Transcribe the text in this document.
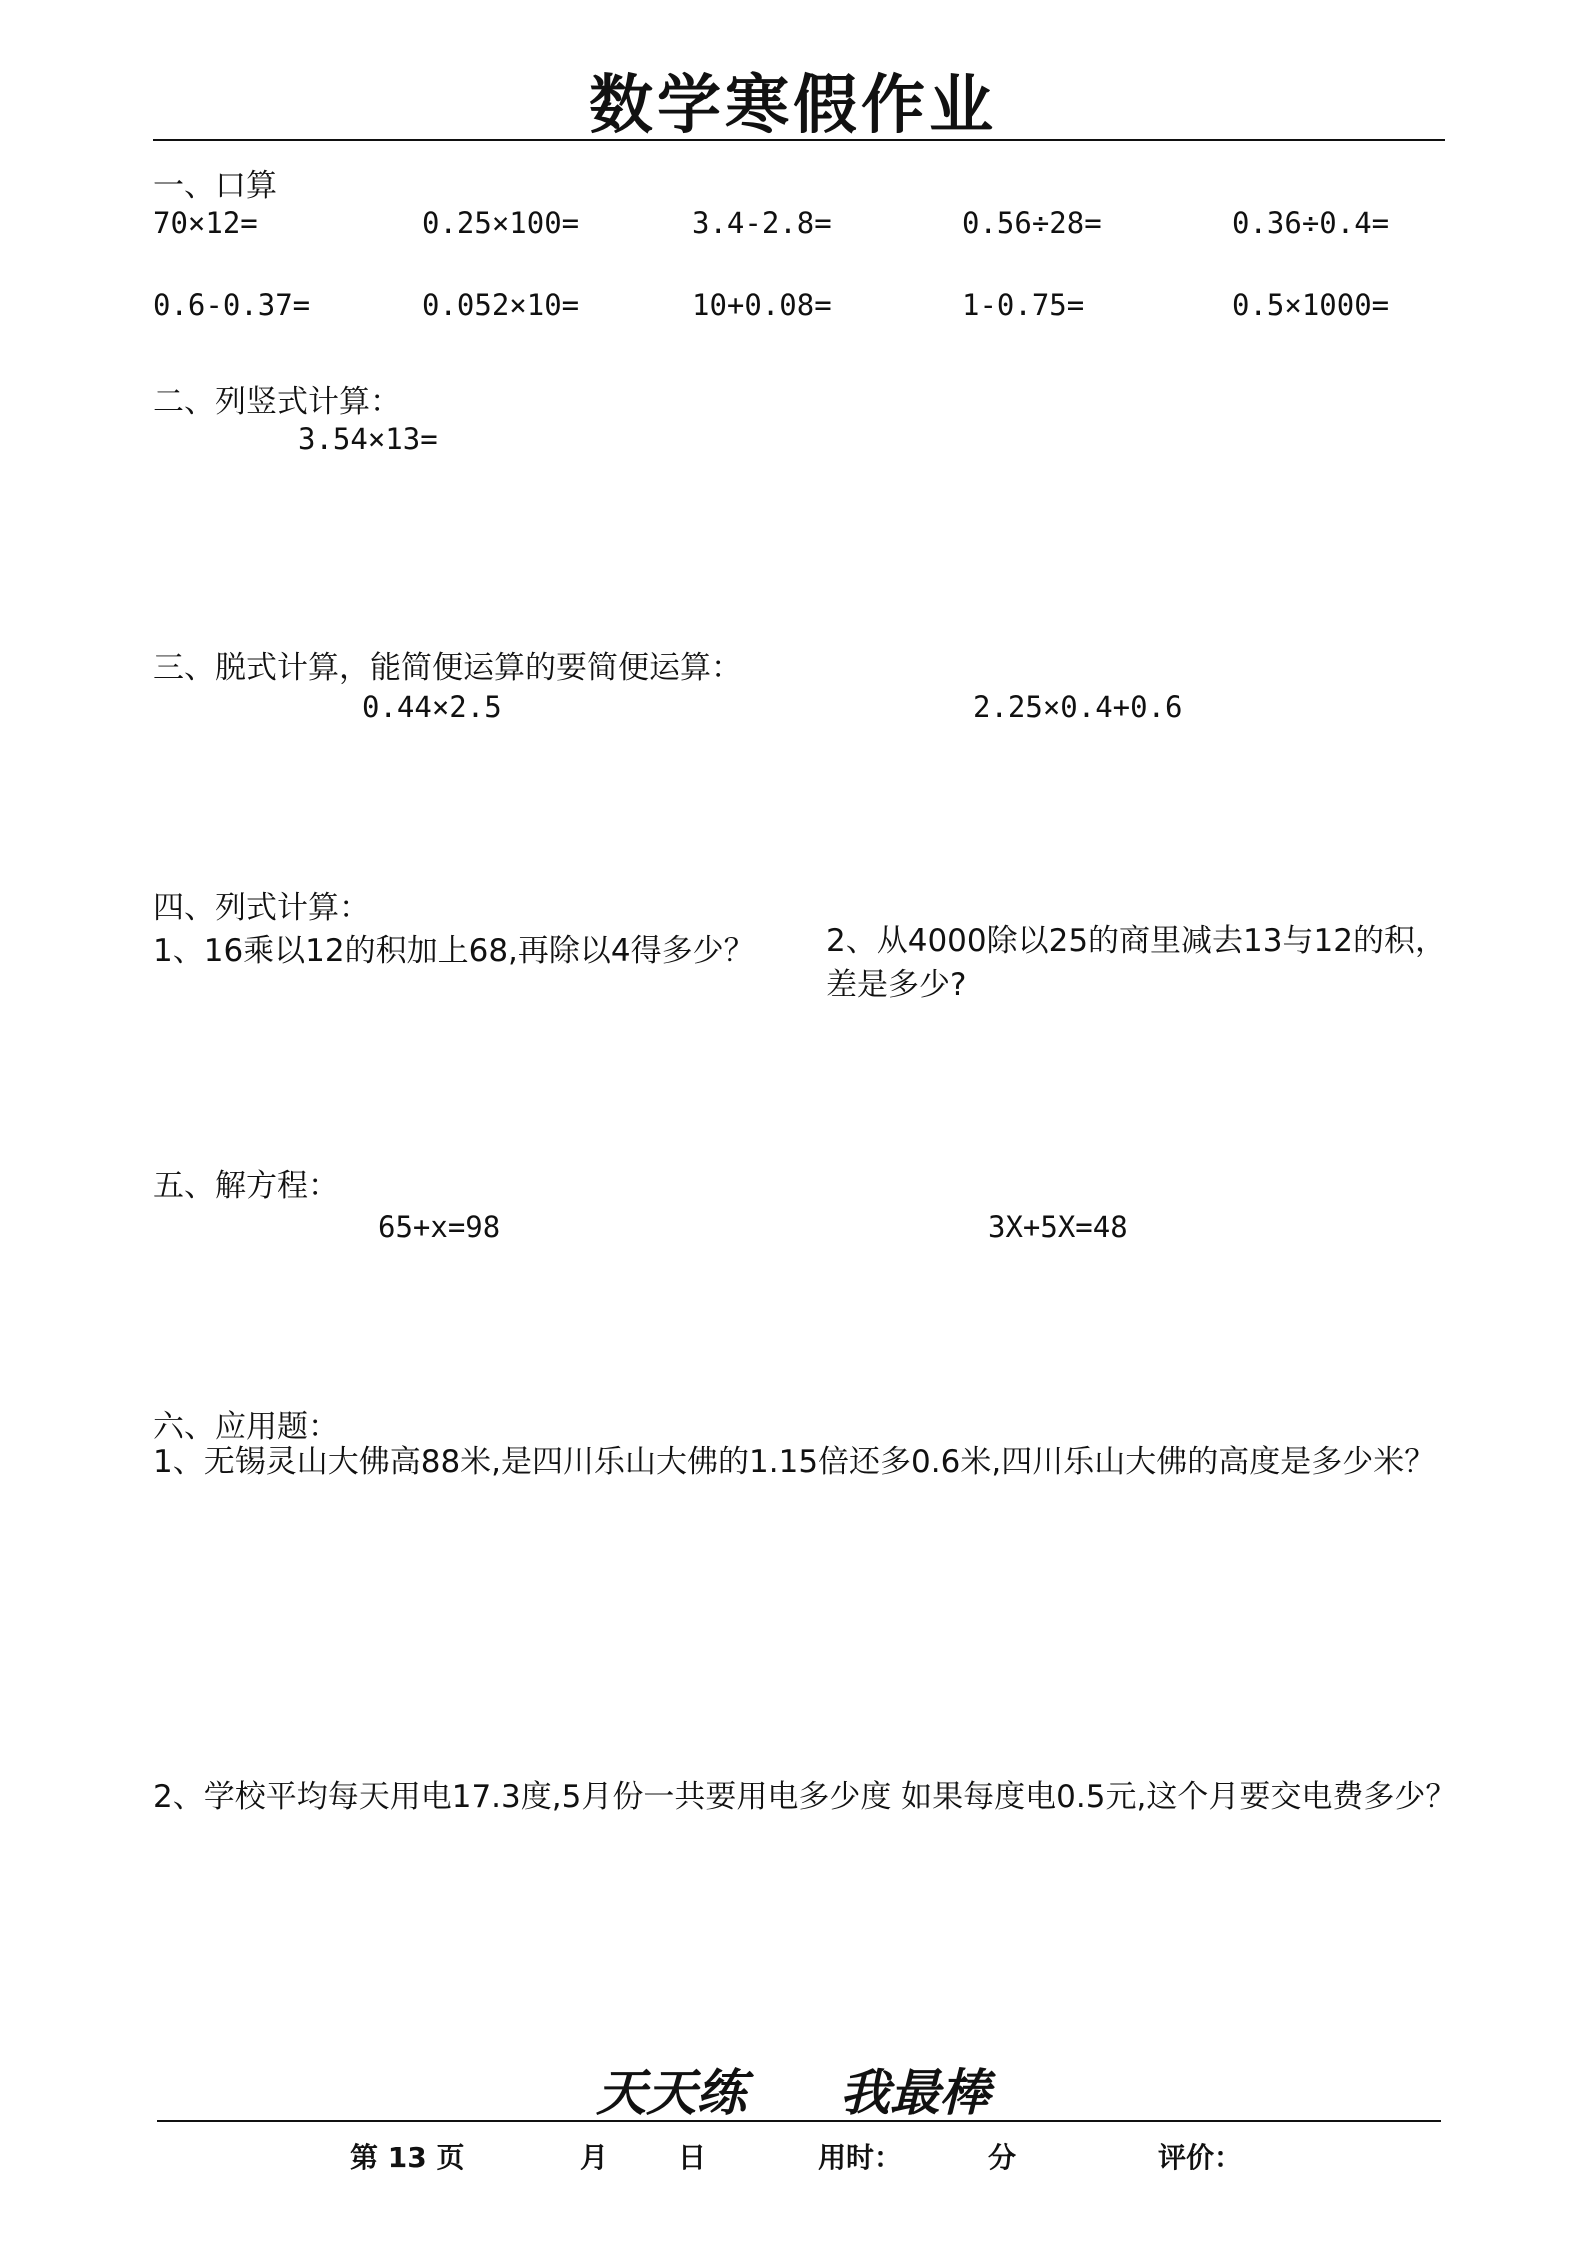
数学寒假作业
一、口算
70×12=	0.25×100=	3.4-2.8=	0.56÷28=	0.36÷0.4=
0.6-0.37=	0.052×10=	10+0.08=	1-0.75=	0.5×1000=
二、列竖式计算：
3.54×13=
三、脱式计算，能简便运算的要简便运算：
0.44×2.5	2.25×0.4+0.6
四、列式计算：
1、16乘以12的积加上68,再除以4得多少？ 2、从4000除以25的商里减去13与12的积，差是多少?
五、解方程：
65+x=98	3X+5X=48
六、应用题：
1、无锡灵山大佛高88米,是四川乐山大佛的1.15倍还多0.6米,四川乐山大佛的高度是多少米？
2、学校平均每天用电17.3度,5月份一共要用电多少度 如果每度电0.5元,这个月要交电费多少？
天天练 我最棒
第 13 页	月 日	用时：	分	评价：
